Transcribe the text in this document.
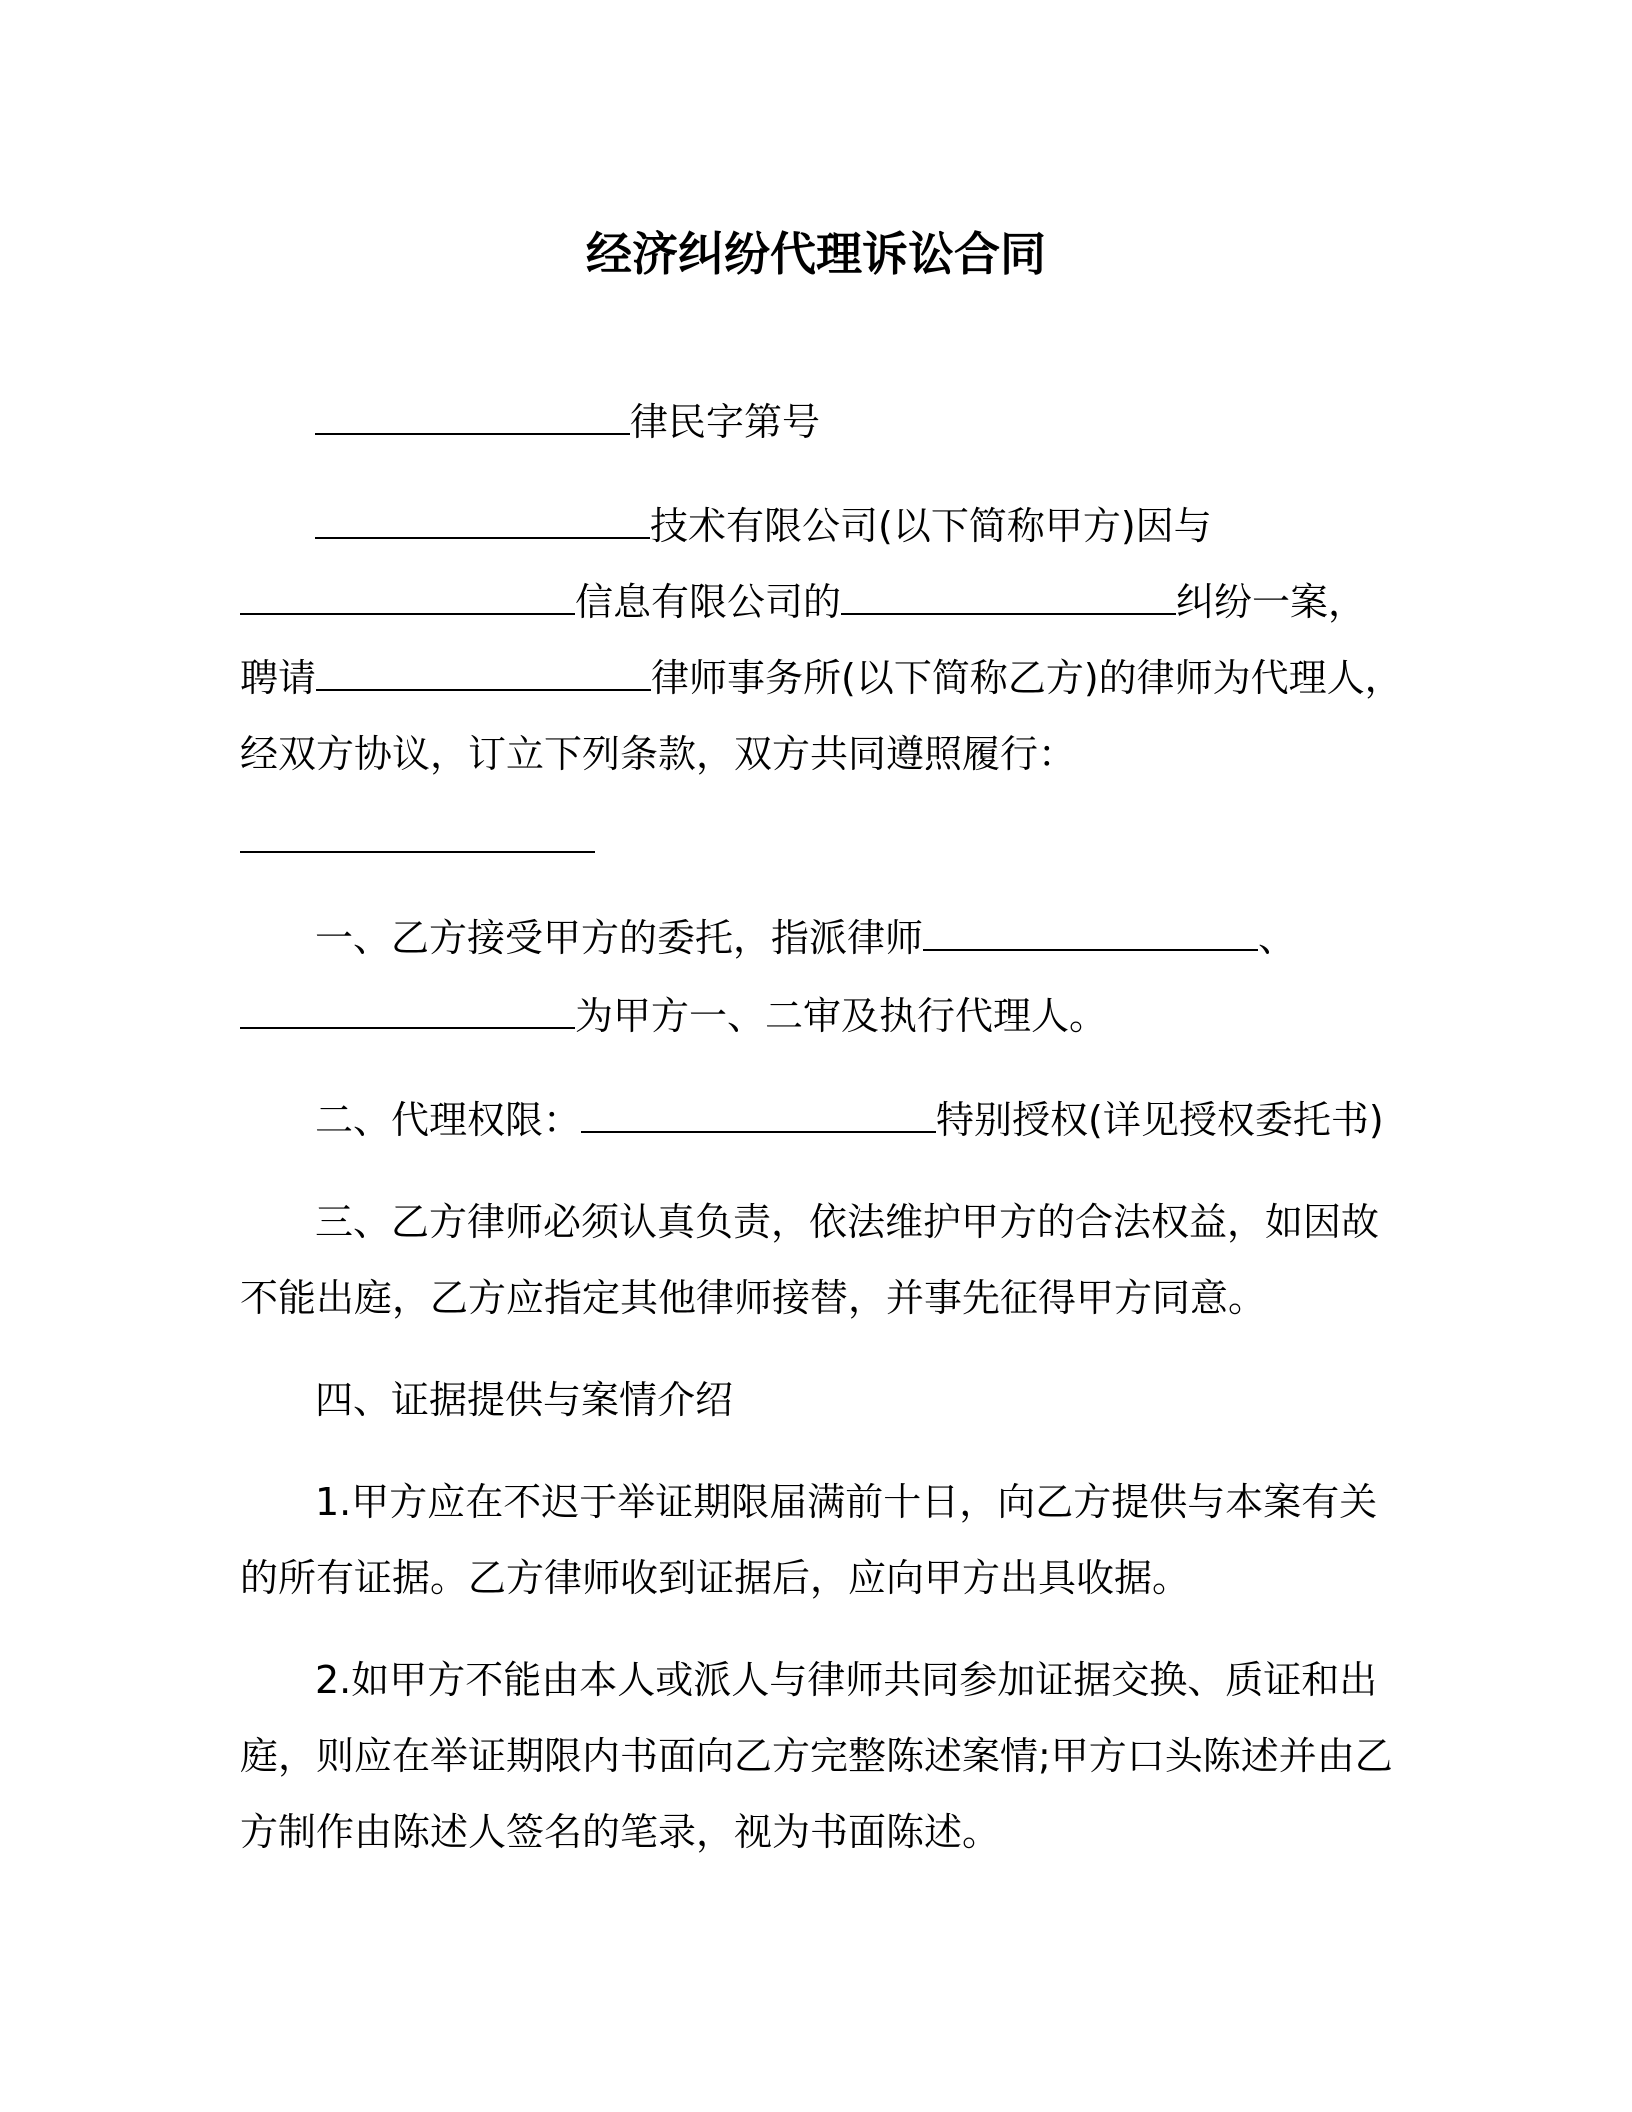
经济纠纷代理诉讼合同
律民字第号
技术有限公司(以下简称甲方)因与
信息有限公司的	纠纷一案，
聘请	律师事务所(以下简称乙方)的律师为代理人，
经双方协议，订立下列条款，双方共同遵照履行：
一、乙方接受甲方的委托，指派律师	、
为甲方一、二审及执行代理人。
二、代理权限：	特别授权(详见授权委托书)
三、乙方律师必须认真负责，依法维护甲方的合法权益，如因故
不能出庭，乙方应指定其他律师接替，并事先征得甲方同意。
四、证据提供与案情介绍
1.甲方应在不迟于举证期限届满前十日，向乙方提供与本案有关
的所有证据。乙方律师收到证据后，应向甲方出具收据。
2.如甲方不能由本人或派人与律师共同参加证据交换、质证和出
庭，则应在举证期限内书面向乙方完整陈述案情;甲方口头陈述并由乙
方制作由陈述人签名的笔录，视为书面陈述。
